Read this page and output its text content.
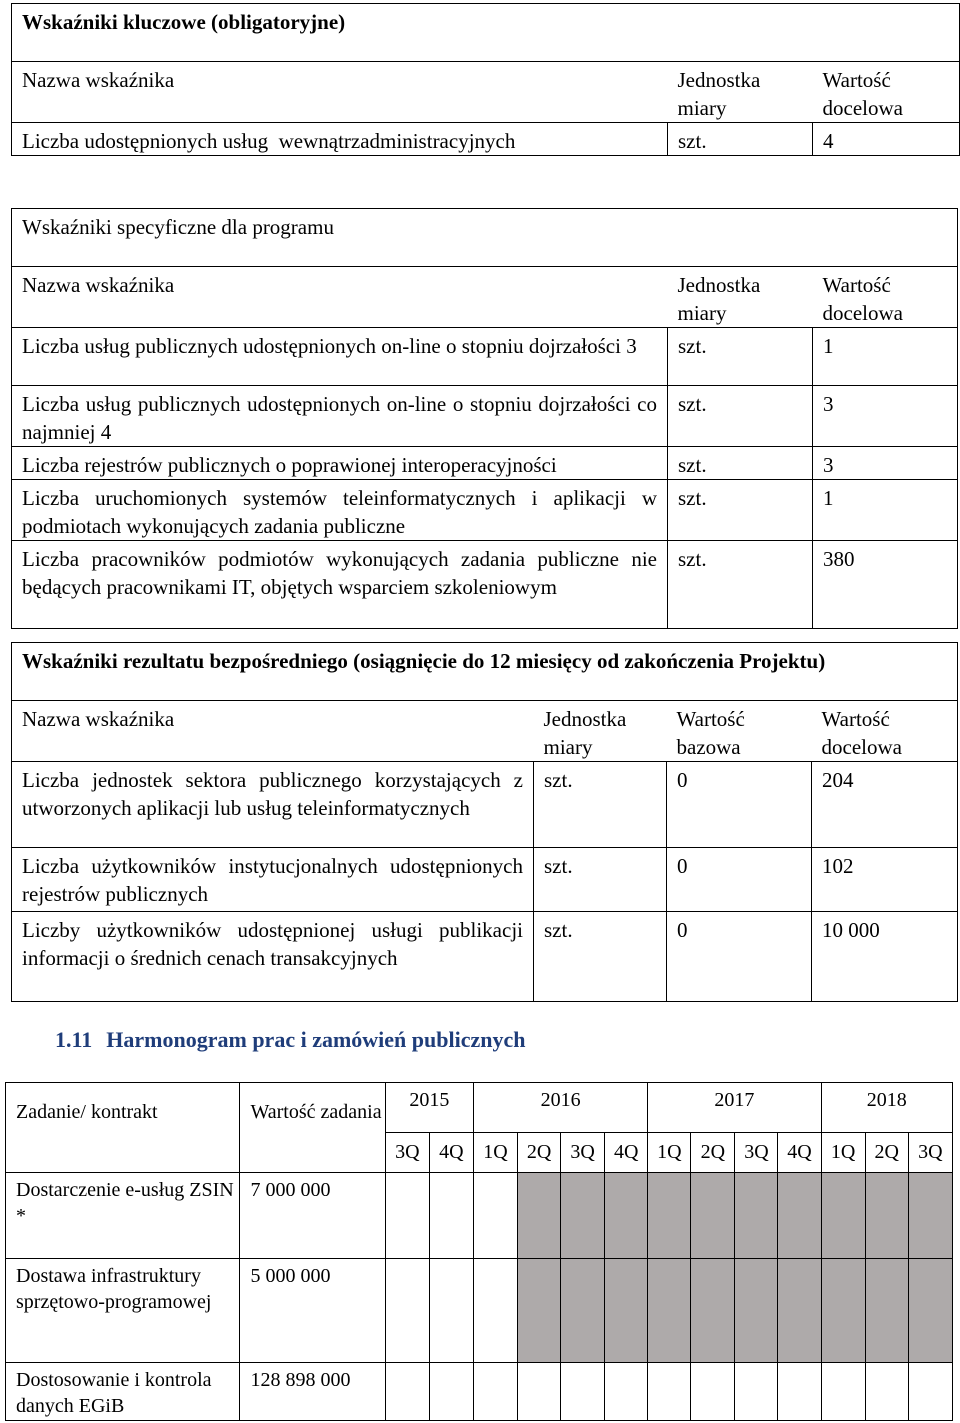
Wskaźniki kluczowe (obligatoryjne)		
Nazwa wskaźnika	Jednostka miary	Wartość docelowa
Liczba udostępnionych usług  wewnątrzadministracyjnych	szt.	4
Wskaźniki specyficzne dla programu		
Nazwa wskaźnika	Jednostka miary	Wartość docelowa
Liczba usług publicznych udostępnionych on-line o stopniu dojrzałości 3	szt.	1
Liczba usług publicznych udostępnionych on-line o stopniu dojrzałości co najmniej 4	szt.	3
Liczba rejestrów publicznych o poprawionej interoperacyjności	szt.	3
Liczba uruchomionych systemów teleinformatycznych i aplikacji w podmiotach wykonujących zadania publiczne	szt.	1
Liczba pracowników podmiotów wykonujących zadania publiczne nie będących pracownikami IT, objętych wsparciem szkoleniowym	szt.	380
Wskaźniki rezultatu bezpośredniego (osiągnięcie do 12 miesięcy od zakończenia Projektu)			
Nazwa wskaźnika	Jednostka miary	Wartość bazowa	Wartość docelowa
Liczba jednostek sektora publicznego korzystających z utworzonych aplikacji lub usług teleinformatycznych	szt.	0	204
Liczba użytkowników instytucjonalnych udostępnionych rejestrów publicznych	szt.	0	102
Liczby użytkowników udostępnionej usługi publikacji informacji o średnich cenach transakcyjnych	szt.	0	10 000
1.11 Harmonogram prac i zamówień publicznych
Zadanie/ kontrakt	Wartość zadania	2015		2016				2017				2018		
		3Q	4Q	1Q	2Q	3Q	4Q	1Q	2Q	3Q	4Q	1Q	2Q	3Q
Dostarczenie e-usług ZSIN *	7 000 000													
Dostawa infrastruktury sprzętowo-programowej	5 000 000													
Dostosowanie i kontrola danych EGiB	128 898 000													
